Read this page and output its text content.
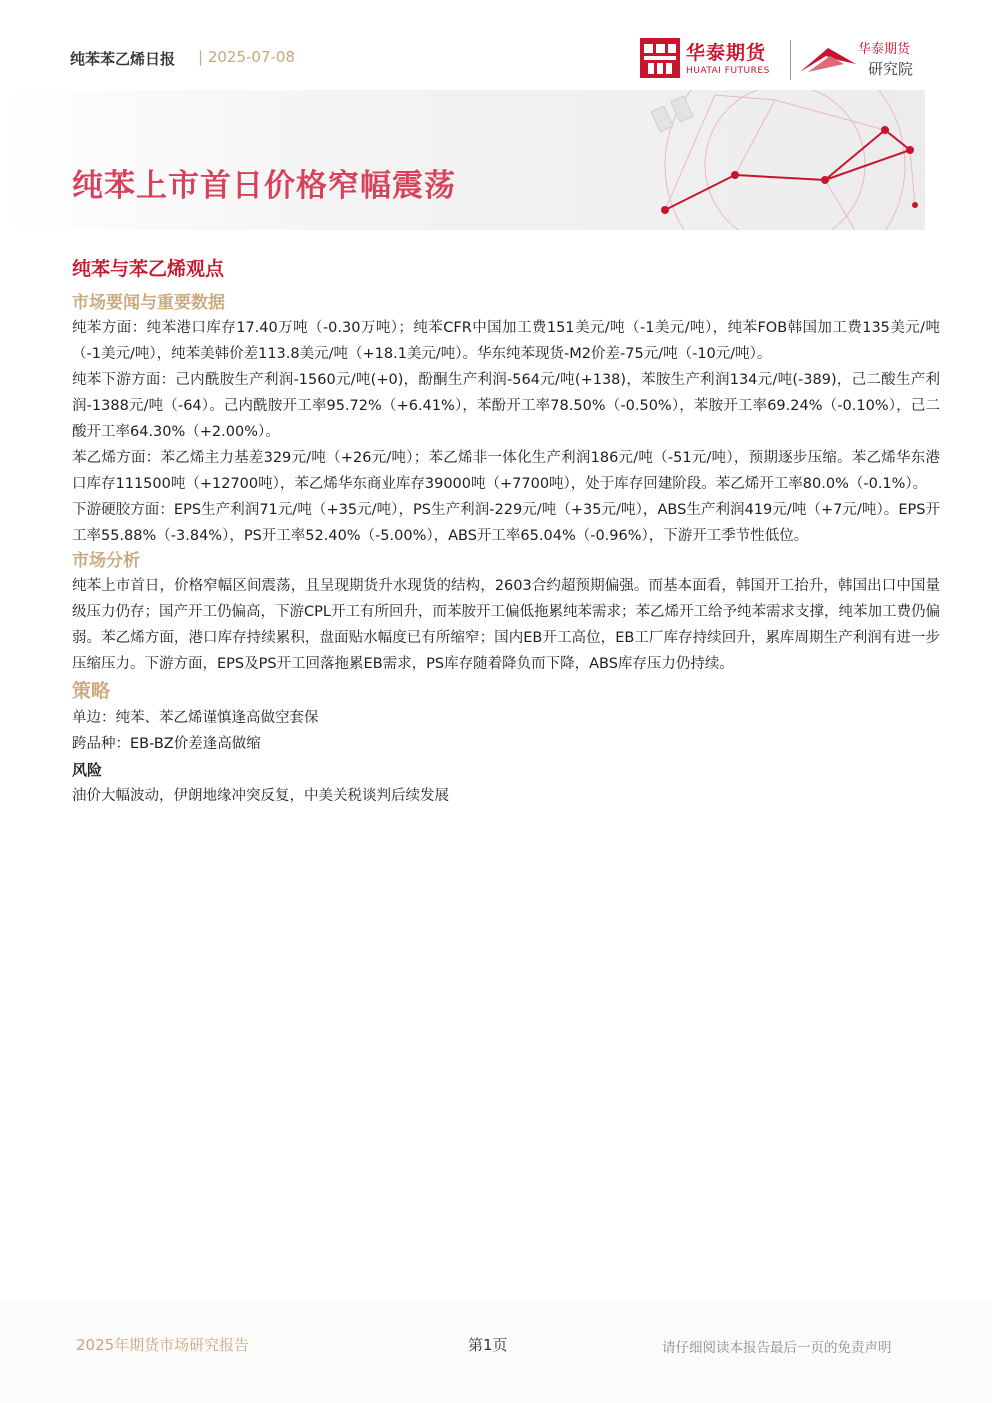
纯苯苯乙烯日报 | 2025-07-08	华泰期货
HUATAI FUTURES
华泰期货
研究院
纯苯上市首日价格窄幅震荡
纯苯与苯乙烯观点
市场要闻与重要数据

纯苯方面：纯苯港口库存17.40万吨（-0.30万吨）；纯苯CFR中国加工费151美元/吨（-1美元/吨），纯苯FOB韩国加工费135美元/吨（-1美元/吨），纯苯美韩价差113.8美元/吨（+18.1美元/吨）。华东纯苯现货-M2价差-75元/吨（-10元/吨）。

纯苯下游方面：己内酰胺生产利润-1560元/吨(+0)，酚酮生产利润-564元/吨(+138)，苯胺生产利润134元/吨(-389)，己二酸生产利润-1388元/吨（-64）。己内酰胺开工率95.72%（+6.41%），苯酚开工率78.50%（-0.50%），苯胺开工率69.24%（-0.10%），己二酸开工率64.30%（+2.00%）。

苯乙烯方面：苯乙烯主力基差329元/吨（+26元/吨）；苯乙烯非一体化生产利润186元/吨（-51元/吨），预期逐步压缩。苯乙烯华东港口库存111500吨（+12700吨），苯乙烯华东商业库存39000吨（+7700吨），处于库存回建阶段。苯乙烯开工率80.0%（-0.1%）。

下游硬胶方面：EPS生产利润71元/吨（+35元/吨），PS生产利润-229元/吨（+35元/吨），ABS生产利润419元/吨（+7元/吨）。EPS开工率55.88%（-3.84%），PS开工率52.40%（-5.00%），ABS开工率65.04%（-0.96%），下游开工季节性低位。

市场分析

纯苯上市首日，价格窄幅区间震荡，且呈现期货升水现货的结构，2603合约超预期偏强。而基本面看，韩国开工抬升，韩国出口中国量级压力仍存；国产开工仍偏高，下游CPL开工有所回升，而苯胺开工偏低拖累纯苯需求；苯乙烯开工给予纯苯需求支撑，纯苯加工费仍偏弱。苯乙烯方面，港口库存持续累积，盘面贴水幅度已有所缩窄；国内EB开工高位，EB工厂库存持续回升，累库周期生产利润有进一步压缩压力。下游方面，EPS及PS开工回落拖累EB需求，PS库存随着降负而下降，ABS库存压力仍持续。

策略

单边：纯苯、苯乙烯谨慎逢高做空套保

跨品种：EB-BZ价差逢高做缩

风险

油价大幅波动，伊朗地缘冲突反复，中美关税谈判后续发展

2025年期货市场研究报告	第1页	请仔细阅读本报告最后一页的免责声明
